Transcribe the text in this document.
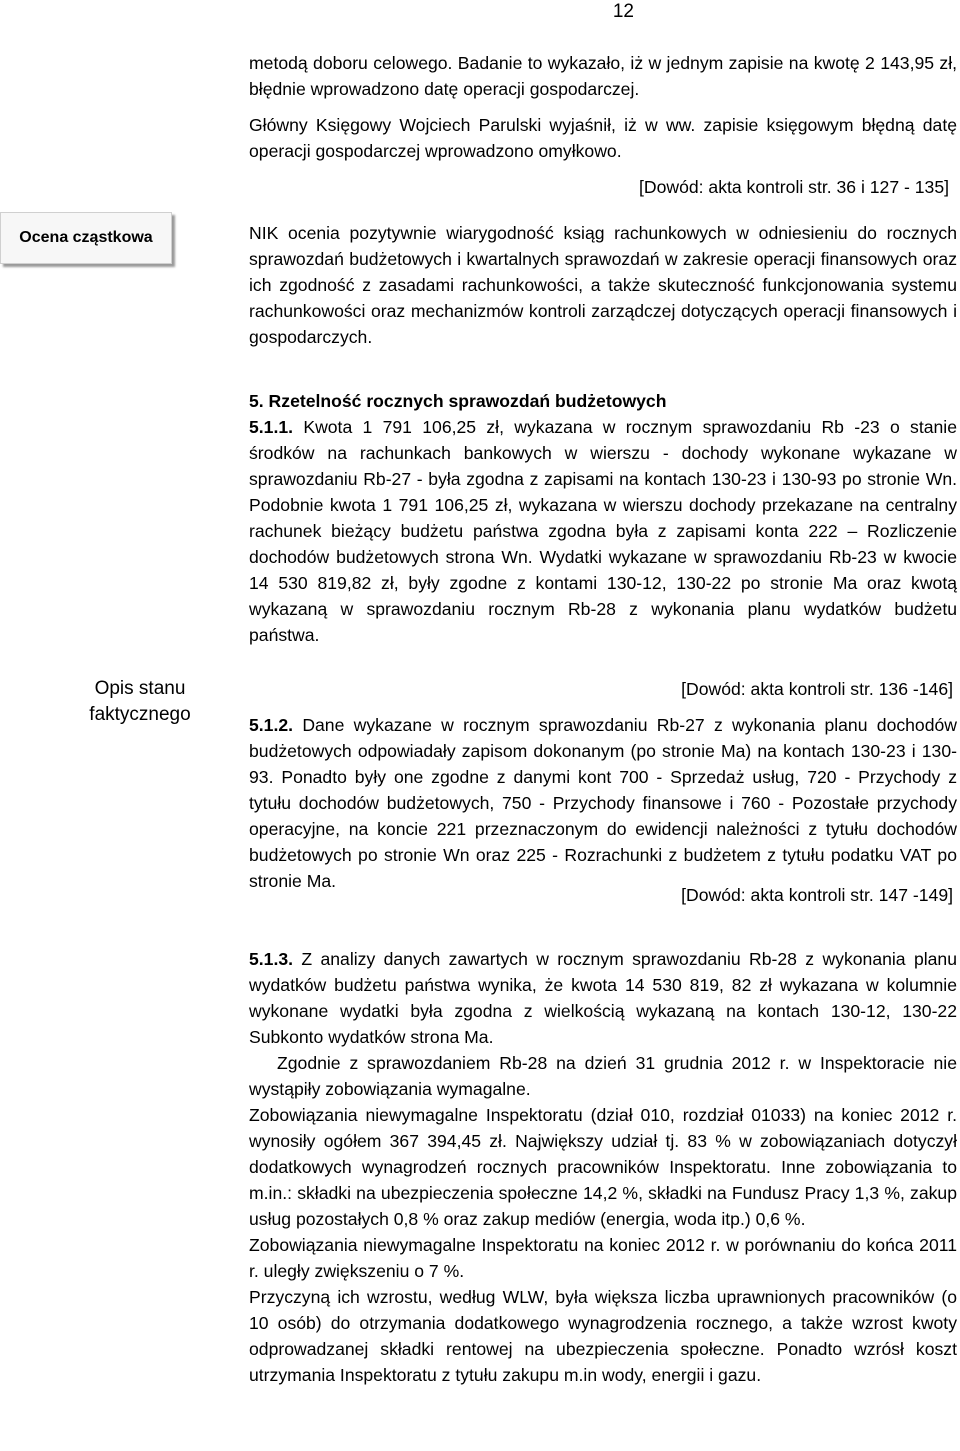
12
Ocena cząstkowa
Opis stanu
faktycznego

metodą doboru celowego. Badanie to wykazało, iż w jednym zapisie na kwotę 2 143,95 zł, błędnie wprowadzono datę operacji gospodarczej.

Główny Księgowy Wojciech Parulski wyjaśnił, iż w ww. zapisie księgowym błędną datę operacji gospodarczej wprowadzono omyłkowo.

[Dowód: akta kontroli str. 36 i 127 - 135]

NIK ocenia pozytywnie wiarygodność ksiąg rachunkowych w odniesieniu do rocznych sprawozdań budżetowych i kwartalnych sprawozdań w zakresie operacji finansowych oraz ich zgodność z zasadami rachunkowości, a także skuteczność funkcjonowania systemu rachunkowości oraz mechanizmów kontroli zarządczej dotyczących operacji finansowych i gospodarczych.

5. Rzetelność rocznych sprawozdań budżetowych

5.1.1. Kwota 1 791 106,25 zł, wykazana w rocznym sprawozdaniu Rb -23 o stanie środków na rachunkach bankowych w wierszu - dochody wykonane wykazane w sprawozdaniu Rb-27 - była zgodna z zapisami na kontach 130-23 i 130-93 po stronie Wn. Podobnie kwota 1 791 106,25 zł, wykazana w wierszu dochody przekazane na centralny rachunek bieżący budżetu państwa zgodna była z zapisami konta 222 – Rozliczenie dochodów budżetowych strona Wn. Wydatki wykazane w sprawozdaniu Rb-23 w kwocie 14 530 819,82 zł, były zgodne z kontami 130-12, 130-22 po stronie Ma oraz kwotą wykazaną w sprawozdaniu rocznym Rb-28 z wykonania planu wydatków budżetu państwa.

[Dowód: akta kontroli str. 136 -146]

5.1.2. Dane wykazane w rocznym sprawozdaniu Rb-27 z wykonania planu dochodów budżetowych odpowiadały zapisom dokonanym (po stronie Ma) na kontach 130-23 i 130-93. Ponadto były one zgodne z danymi kont 700 - Sprzedaż usług, 720 - Przychody z tytułu dochodów budżetowych, 750 - Przychody finansowe i 760 - Pozostałe przychody operacyjne, na koncie 221 przeznaczonym do ewidencji należności z tytułu dochodów budżetowych po stronie Wn oraz 225 - Rozrachunki z budżetem z tytułu podatku VAT po stronie Ma.

[Dowód: akta kontroli str. 147 -149]

5.1.3. Z analizy danych zawartych w rocznym sprawozdaniu Rb-28 z wykonania planu wydatków budżetu państwa wynika, że kwota 14 530 819, 82 zł wykazana w kolumnie wykonane wydatki była zgodna z wielkością wykazaną na kontach 130-12, 130-22 Subkonto wydatków strona Ma.

Zgodnie z sprawozdaniem Rb-28 na dzień 31 grudnia 2012 r. w Inspektoracie nie wystąpiły zobowiązania wymagalne.

Zobowiązania niewymagalne Inspektoratu (dział 010, rozdział 01033) na koniec 2012 r. wynosiły ogółem 367 394,45 zł. Największy udział tj. 83 % w zobowiązaniach dotyczył dodatkowych wynagrodzeń rocznych pracowników Inspektoratu. Inne zobowiązania to m.in.: składki na ubezpieczenia społeczne 14,2 %, składki na Fundusz Pracy 1,3 %, zakup usług pozostałych 0,8 % oraz zakup mediów (energia, woda itp.) 0,6 %.

Zobowiązania niewymagalne Inspektoratu na koniec 2012 r. w porównaniu do końca 2011 r. uległy zwiększeniu o 7 %.

Przyczyną ich wzrostu, według WLW, była większa liczba uprawnionych pracowników (o 10 osób) do otrzymania dodatkowego wynagrodzenia rocznego, a także wzrost kwoty odprowadzanej składki rentowej na ubezpieczenia społeczne. Ponadto wzrósł koszt utrzymania Inspektoratu z tytułu zakupu m.in wody, energii i gazu.
